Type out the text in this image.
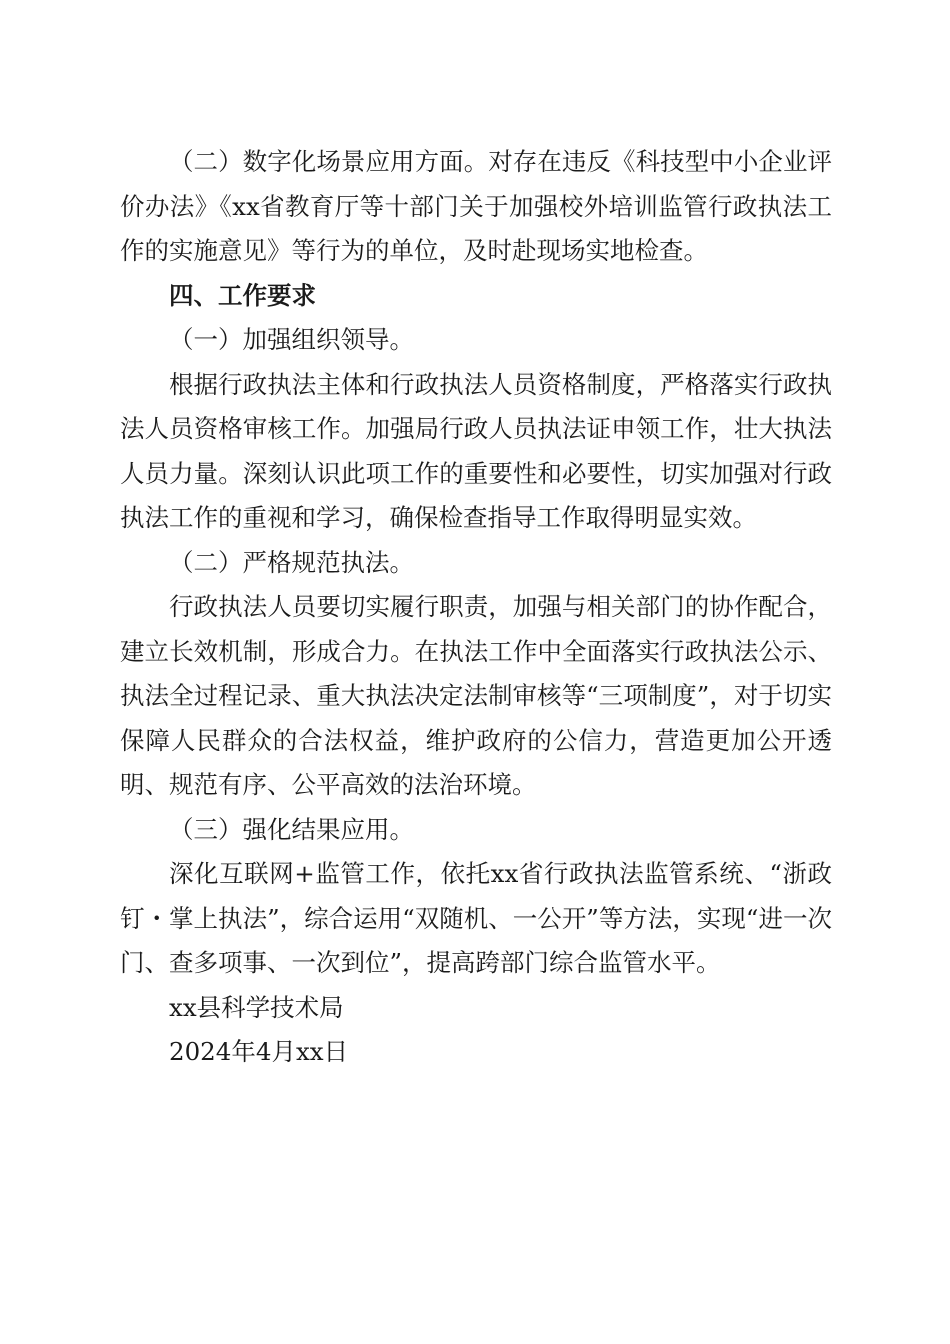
（二）数字化场景应用方面。对存在违反《科技型中小企业评价办法》《xx省教育厅等十部门关于加强校外培训监管行政执法工作的实施意见》等行为的单位，及时赴现场实地检查。

四、工作要求

（一）加强组织领导。

根据行政执法主体和行政执法人员资格制度，严格落实行政执法人员资格审核工作。加强局行政人员执法证申领工作，壮大执法人员力量。深刻认识此项工作的重要性和必要性，切实加强对行政执法工作的重视和学习，确保检查指导工作取得明显实效。

（二）严格规范执法。

行政执法人员要切实履行职责，加强与相关部门的协作配合，建立长效机制，形成合力。在执法工作中全面落实行政执法公示、执法全过程记录、重大执法决定法制审核等“三项制度”，对于切实保障人民群众的合法权益，维护政府的公信力，营造更加公开透明、规范有序、公平高效的法治环境。

（三）强化结果应用。

深化互联网+监管工作，依托xx省行政执法监管系统、“浙政钉・掌上执法”，综合运用“双随机、一公开”等方法，实现“进一次门、查多项事、一次到位”，提高跨部门综合监管水平。

xx县科学技术局

2024年4月xx日
